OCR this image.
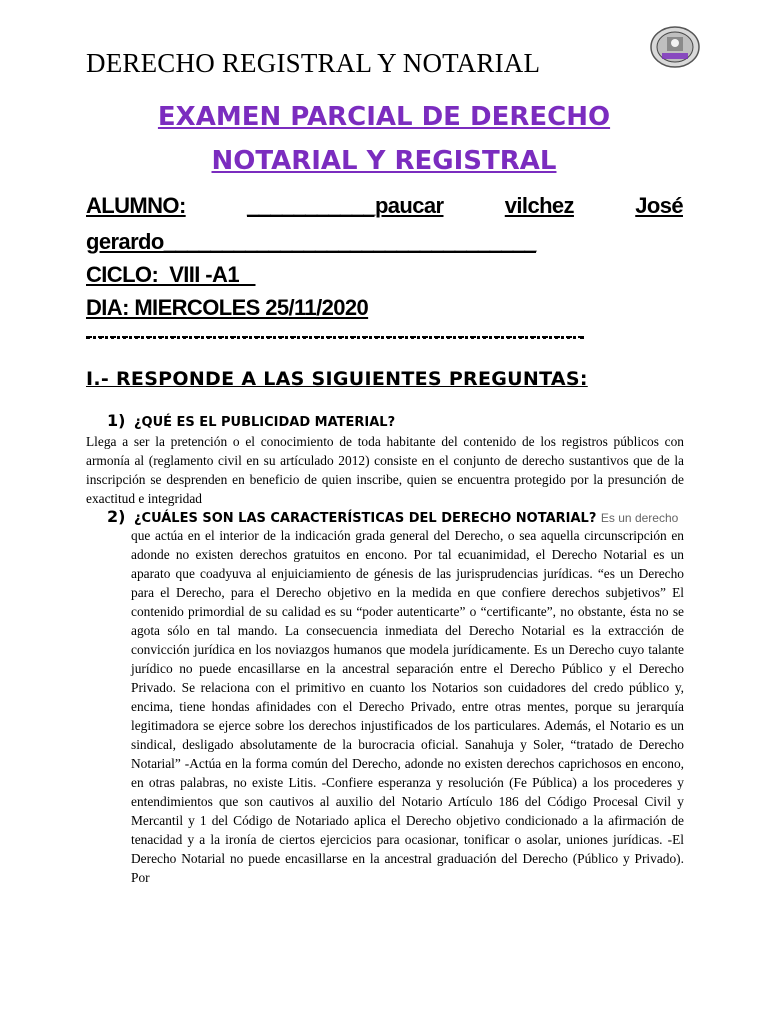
DERECHO REGISTRAL Y NOTARIAL
EXAMEN PARCIAL DE DERECHO
NOTARIAL Y REGISTRAL
ALUMNO:	___________paucar	vilchez	José
gerardo________________________________
CICLO:  VIII -A1
DIA: MIERCOLES 25/11/2020
I.- RESPONDE A LAS SIGUIENTES PREGUNTAS:
1) ¿QUÉ ES EL PUBLICIDAD MATERIAL?
Llega a ser la pretención o el conocimiento de toda habitante del contenido de los registros públicos con armonía al (reglamento civil en su artículado 2012) consiste en el conjunto de derecho sustantivos que de la inscripción se desprenden en beneficio de quien inscribe, quien se encuentra protegido por la presunción de exactitud e integridad
2) ¿CUÁLES SON LAS CARACTERÍSTICAS DEL DERECHO NOTARIAL? Es un derecho
que actúa en el interior de la indicación grada general del Derecho, o sea aquella circunscripción en adonde no existen derechos gratuitos en encono. Por tal ecuanimidad, el Derecho Notarial es un aparato que coadyuva al enjuiciamiento de génesis de las jurisprudencias jurídicas. “es un Derecho para el Derecho, para el Derecho objetivo en la medida en que confiere derechos subjetivos” El contenido primordial de su calidad es su “poder autenticarte” o “certificante”, no obstante, ésta no se agota sólo en tal mando. La consecuencia inmediata del Derecho Notarial es la extracción de convicción jurídica en los noviazgos humanos que modela jurídicamente. Es un Derecho cuyo talante jurídico no puede encasillarse en la ancestral separación entre el Derecho Público y el Derecho Privado. Se relaciona con el primitivo en cuanto los Notarios son cuidadores del credo público y, encima, tiene hondas afinidades con el Derecho Privado, entre otras mentes, porque su jerarquía legitimadora se ejerce sobre los derechos injustificados de los particulares. Además, el Notario es un sindical, desligado absolutamente de la burocracia oficial. Sanahuja y Soler, “tratado de Derecho Notarial” -Actúa en la forma común del Derecho, adonde no existen derechos caprichosos en encono, en otras palabras, no existe Litis. -Confiere esperanza y resolución (Fe Pública) a los procederes y entendimientos que son cautivos al auxilio del Notario Artículo 186 del Código Procesal Civil y Mercantil y 1 del Código de Notariado aplica el Derecho objetivo condicionado a la afirmación de tenacidad y a la ironía de ciertos ejercicios para ocasionar, tonificar o asolar, uniones jurídicas. -El Derecho Notarial no puede encasillarse en la ancestral graduación del Derecho (Público y Privado). Por
